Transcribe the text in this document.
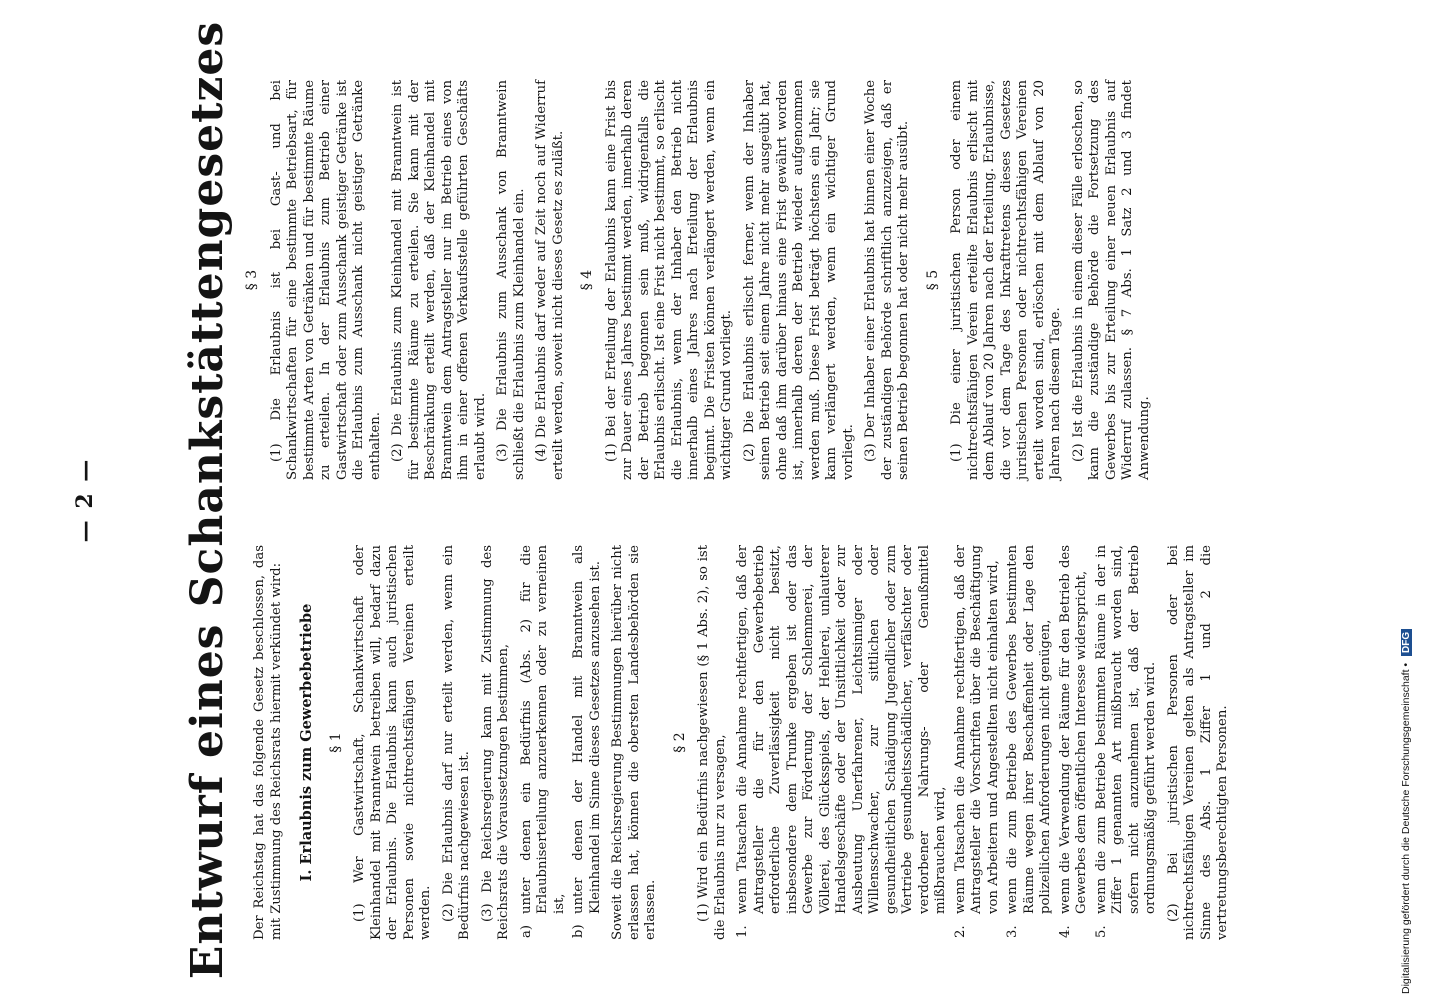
— 2 — Entwurf eines Schankstättengesetzes Der Reichstag hat das folgende Gesetz beschlossen, das mit Zustimmung des Reichsrats hiermit verkündet wird: I. Erlaubnis zum Gewerbebetriebe § 1 (1) Wer Gastwirtschaft, Schankwirtschaft oder Kleinhandel mit Branntwein betreiben will, bedarf dazu der Erlaubnis. Die Erlaubnis kann auch juristischen Personen sowie nichtrechtsfähigen Vereinen erteilt werden. (2) Die Erlaubnis darf nur erteilt werden, wenn ein Bedürfnis nachgewiesen ist. (3) Die Reichsregierung kann mit Zustimmung des Reichsrats die Voraussetzungen bestimmen, a)
unter denen ein Bedürfnis (Abs. 2) für die Erlaubniserteilung anzuerkennen oder zu verneinen ist,
b)
unter denen der Handel mit Branntwein als Kleinhandel im Sinne dieses Gesetzes anzusehen ist. Soweit die Reichsregierung Bestimmungen hierüber nicht erlassen hat, können die obersten Landesbehörden sie erlassen.

§ 2 (1) Wird ein Bedürfnis nachgewiesen (§ 1 Abs. 2), so ist die Erlaubnis nur zu versagen, 1.
wenn Tatsachen die Annahme rechtfertigen, daß der Antragsteller die für den Gewerbebetrieb erforderliche Zuverlässigkeit nicht besitzt, insbesondere dem Trunke ergeben ist oder das Gewerbe zur Förderung der Schlemmerei, der Völlerei, des Glücksspiels, der Hehlerei, unlauterer Handelsgeschäfte oder der Unsittlichkeit oder zur Ausbeutung Unerfahrener, Leichtsinniger oder Willensschwacher, zur sittlichen oder gesundheitlichen Schädigung Jugendlicher oder zum Vertriebe gesundheitsschädlicher, verfälschter oder verdorbener Nahrungs- oder Genußmittel mißbrauchen wird,
2.
wenn Tatsachen die Annahme rechtfertigen, daß der Antragsteller die Vorschriften über die Beschäftigung von Arbeitern und Angestellten nicht einhalten wird,
3.
wenn die zum Betriebe des Gewerbes bestimmten Räume wegen ihrer Beschaffenheit oder Lage den polizeilichen Anforderungen nicht genügen,
4.
wenn die Verwendung der Räume für den Betrieb des Gewerbes dem öffentlichen Interesse widerspricht,
5.
wenn die zum Betriebe bestimmten Räume in der in Ziffer 1 genannten Art mißbraucht worden sind, sofern nicht anzunehmen ist, daß der Betrieb ordnungsmäßig geführt werden wird. (2) Bei juristischen Personen oder bei nichtrechtsfähigen Vereinen gelten als Antragsteller im Sinne des Abs. 1 Ziffer 1 und 2 die vertretungsberechtigten Personen.

§ 3 (1) Die Erlaubnis ist bei Gast- und bei Schankwirtschaften für eine bestimmte Betriebsart, für bestimmte Arten von Getränken und für bestimmte Räume zu erteilen. In der Erlaubnis zum Betrieb einer Gastwirtschaft oder zum Ausschank geistiger Getränke ist die Erlaubnis zum Ausschank nicht geistiger Getränke enthalten. (2) Die Erlaubnis zum Kleinhandel mit Branntwein ist für bestimmte Räume zu erteilen. Sie kann mit der Beschränkung erteilt werden, daß der Kleinhandel mit Branntwein dem Antragsteller nur im Betrieb eines von ihm in einer offenen Verkaufsstelle geführten Geschäfts erlaubt wird. (3) Die Erlaubnis zum Ausschank von Branntwein schließt die Erlaubnis zum Kleinhandel ein. (4) Die Erlaubnis darf weder auf Zeit noch auf Widerruf erteilt werden, soweit nicht dieses Gesetz es zuläßt. § 4 (1) Bei der Erteilung der Erlaubnis kann eine Frist bis zur Dauer eines Jahres bestimmt werden, innerhalb deren der Betrieb begonnen sein muß, widrigenfalls die Erlaubnis erlischt. Ist eine Frist nicht bestimmt, so erlischt die Erlaubnis, wenn der Inhaber den Betrieb nicht innerhalb eines Jahres nach Erteilung der Erlaubnis beginnt. Die Fristen können verlängert werden, wenn ein wichtiger Grund vorliegt. (2) Die Erlaubnis erlischt ferner, wenn der Inhaber seinen Betrieb seit einem Jahre nicht mehr ausgeübt hat, ohne daß ihm darüber hinaus eine Frist gewährt worden ist, innerhalb deren der Betrieb wieder aufgenommen werden muß. Diese Frist beträgt höchstens ein Jahr; sie kann verlängert werden, wenn ein wichtiger Grund vorliegt. (3) Der Inhaber einer Erlaubnis hat binnen einer Woche der zuständigen Behörde schriftlich anzuzeigen, daß er seinen Betrieb begonnen hat oder nicht mehr ausübt. § 5 (1) Die einer juristischen Person oder einem nichtrechtsfähigen Verein erteilte Erlaubnis erlischt mit dem Ablauf von 20 Jahren nach der Erteilung. Erlaubnisse, die vor dem Tage des Inkrafttretens dieses Gesetzes juristischen Personen oder nichtrechtsfähigen Vereinen erteilt worden sind, erlöschen mit dem Ablauf von 20 Jahren nach diesem Tage. (2) Ist die Erlaubnis in einem dieser Fälle erloschen, so kann die zuständige Behörde die Fortsetzung des Gewerbes bis zur Erteilung einer neuen Erlaubnis auf Widerruf zulassen. § 7 Abs. 1 Satz 2 und 3 findet Anwendung.

Digitalisierung gefördert durch die Deutsche Forschungsgemeinschaft • DFG
